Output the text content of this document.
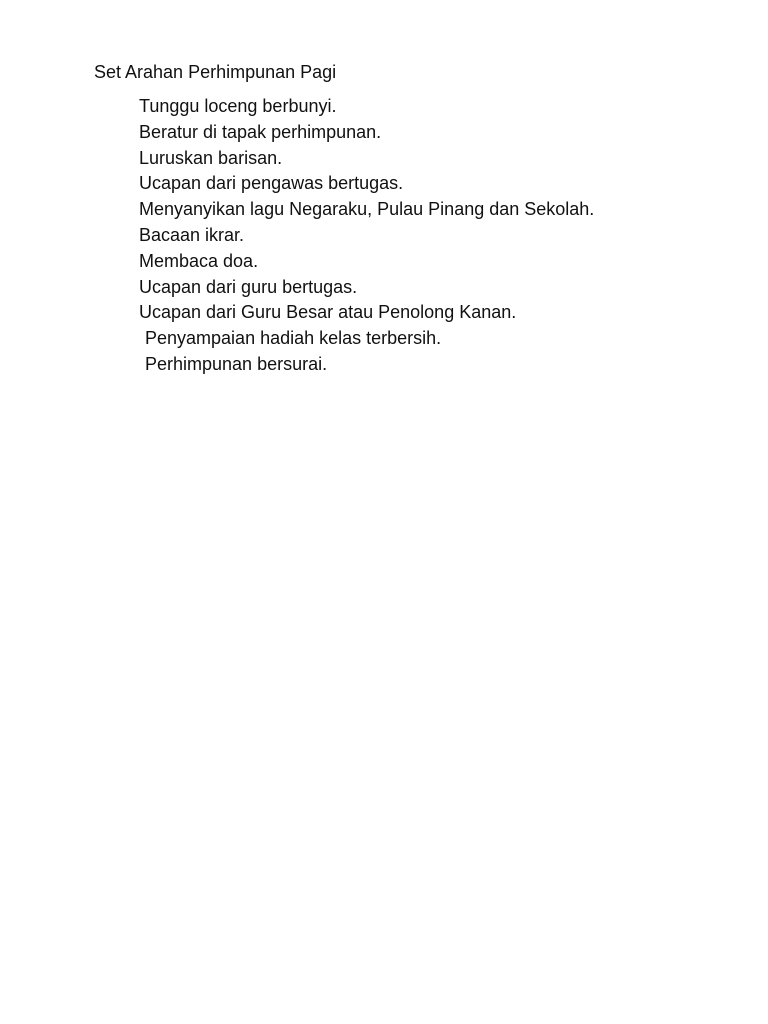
Set Arahan Perhimpunan Pagi
Tunggu loceng berbunyi.
Beratur di tapak perhimpunan.
Luruskan barisan.
Ucapan dari pengawas bertugas.
Menyanyikan lagu Negaraku, Pulau Pinang dan Sekolah.
Bacaan ikrar.
Membaca doa.
Ucapan dari guru bertugas.
Ucapan dari Guru Besar atau Penolong Kanan.
Penyampaian hadiah kelas terbersih.
Perhimpunan bersurai.
